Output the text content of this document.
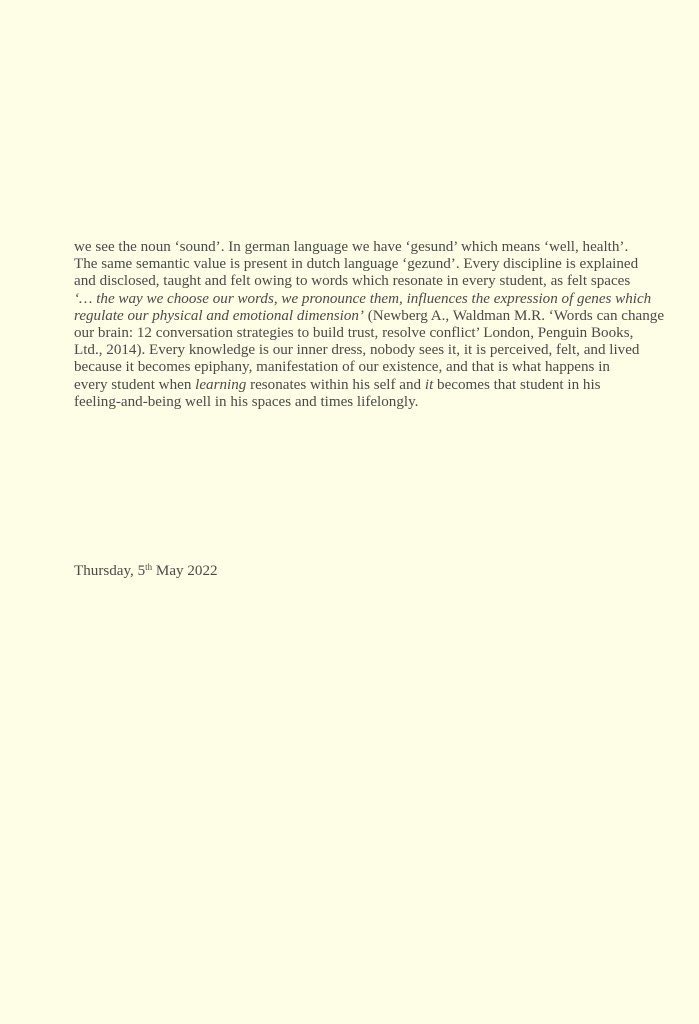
we see the noun ‘sound’. In german language we have ‘gesund’ which means ‘well, health’.
The same semantic value is present in dutch language ‘gezund’. Every discipline is explained
and disclosed, taught and felt owing to words which resonate in every student, as felt spaces
‘… the way we choose our words, we pronounce them, influences the expression of genes which
regulate our physical and emotional dimension’ (Newberg A., Waldman M.R. ‘Words can change
our brain: 12 conversation strategies to build trust, resolve conflict’ London, Penguin Books,
Ltd., 2014). Every knowledge is our inner dress, nobody sees it, it is perceived, felt, and lived
because it becomes epiphany, manifestation of our existence, and that is what happens in
every student when learning resonates within his self and it becomes that student in his
feeling-and-being well in his spaces and times lifelongly.

Thursday, 5th May 2022
